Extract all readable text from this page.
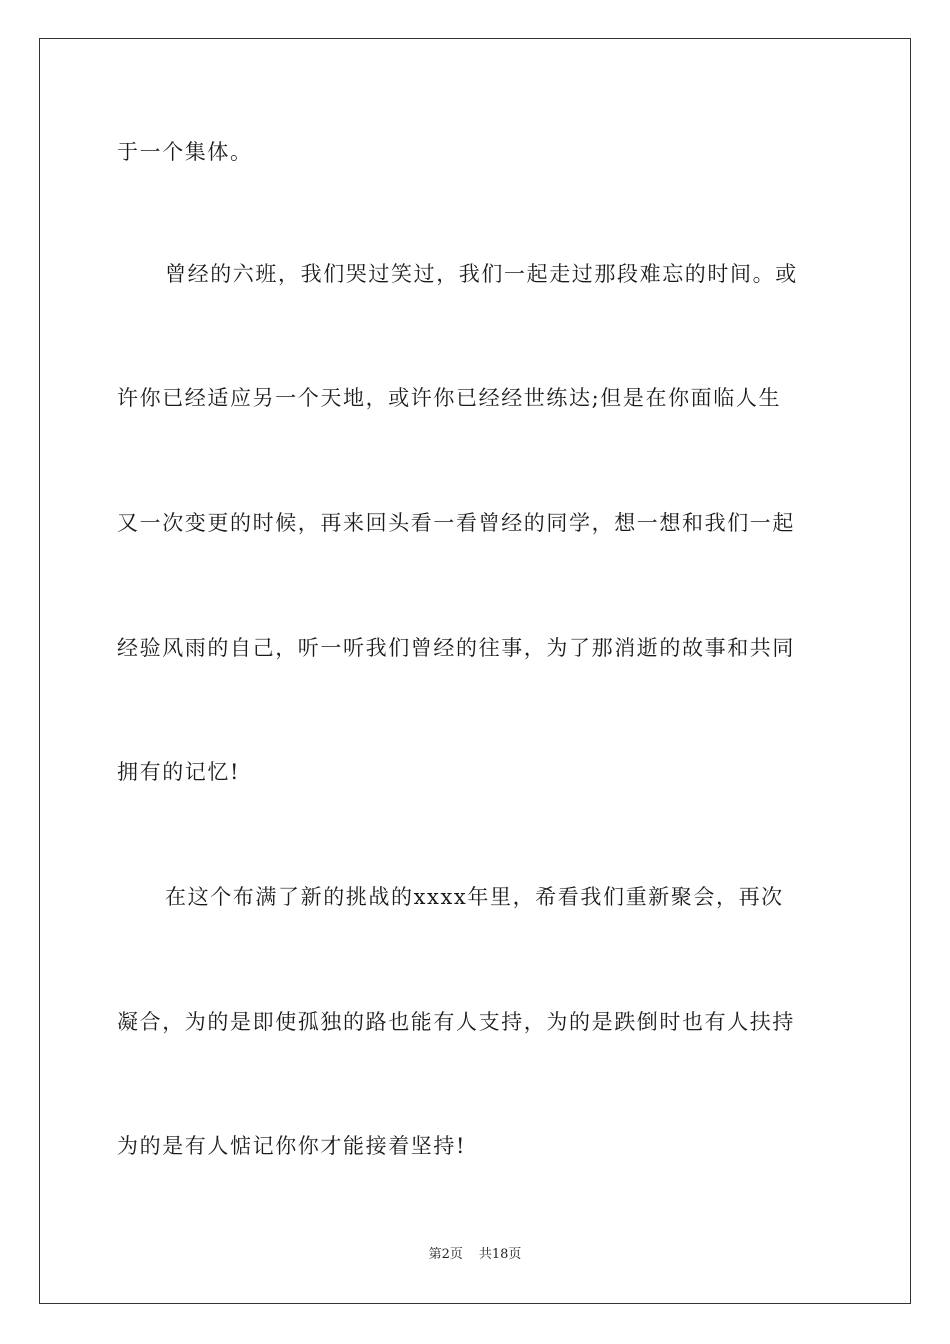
于一个集体。
曾经的六班，我们哭过笑过，我们一起走过那段难忘的时间。或
许你已经适应另一个天地，或许你已经经世练达;但是在你面临人生
又一次变更的时候，再来回头看一看曾经的同学，想一想和我们一起
经验风雨的自己，听一听我们曾经的往事，为了那消逝的故事和共同
拥有的记忆!
在这个布满了新的挑战的xxxx年里，希看我们重新聚会，再次
凝合，为的是即使孤独的路也能有人支持，为的是跌倒时也有人扶持
为的是有人惦记你你才能接着坚持!
第2页 共18页
